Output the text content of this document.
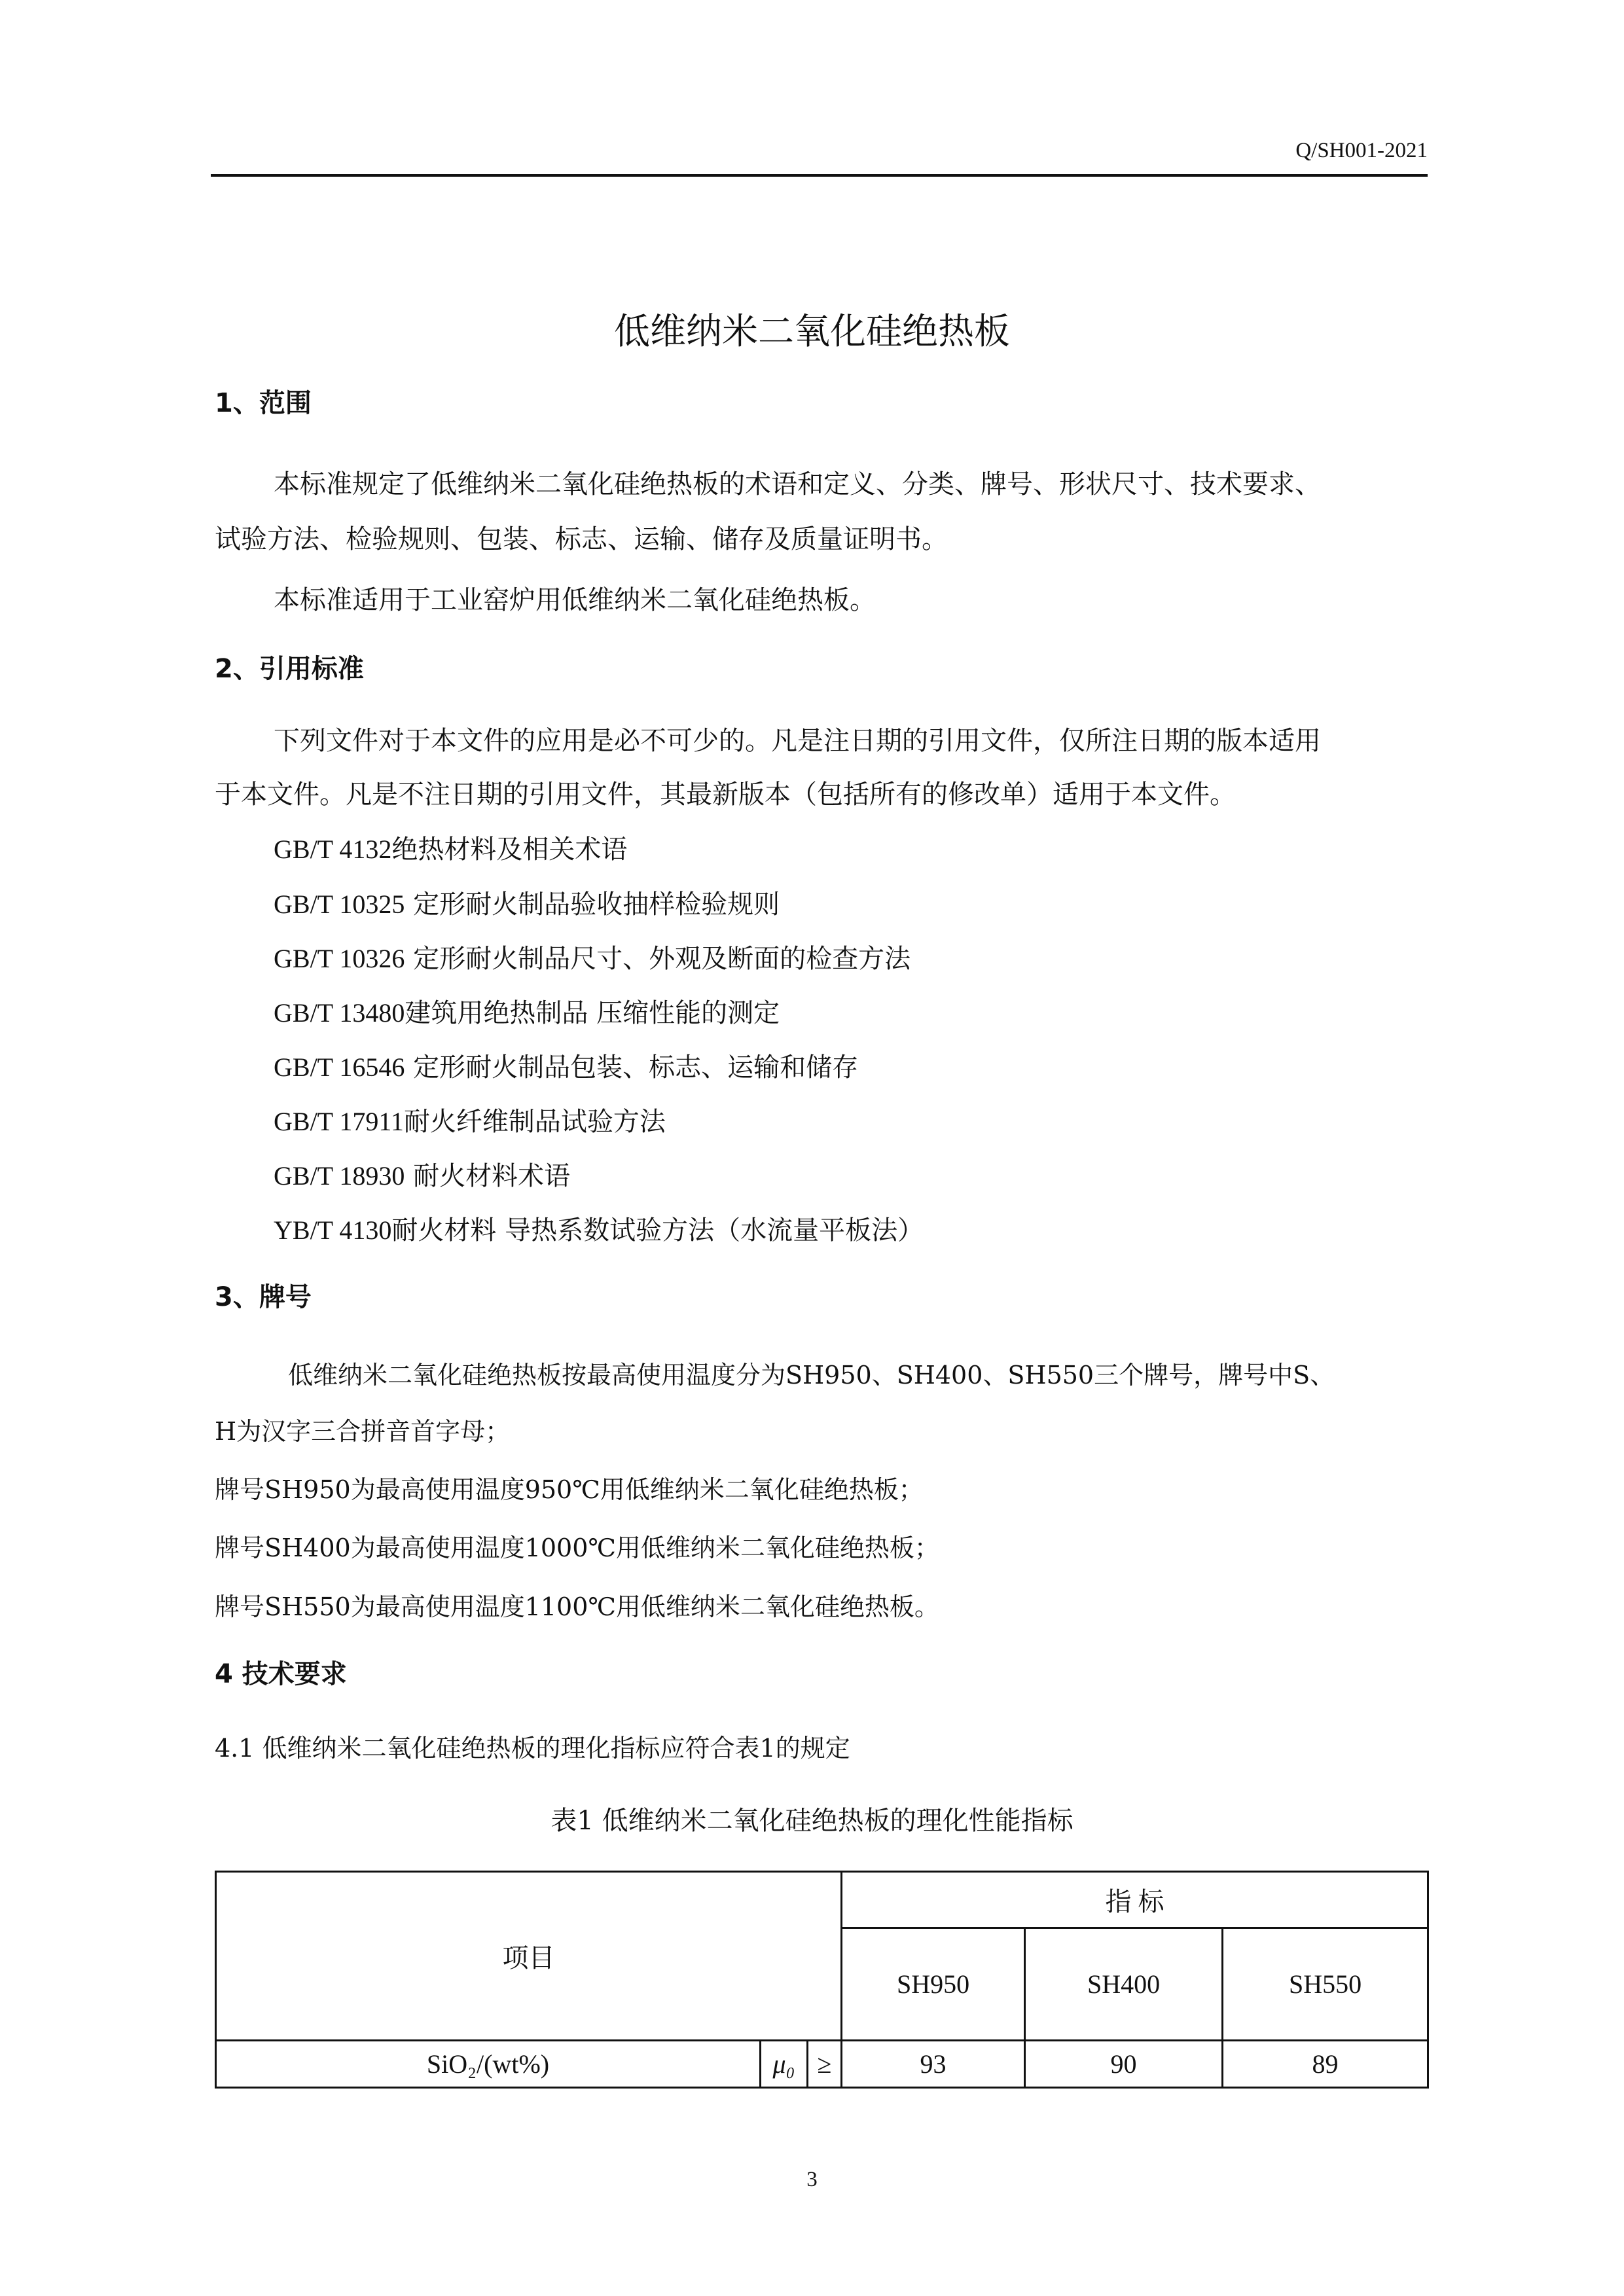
Q/SH001-2021
低维纳米二氧化硅绝热板
1、范围
本标准规定了低维纳米二氧化硅绝热板的术语和定义、分类、牌号、形状尺寸、技术要求、
试验方法、检验规则、包装、标志、运输、储存及质量证明书。
本标准适用于工业窑炉用低维纳米二氧化硅绝热板。
2、引用标准
下列文件对于本文件的应用是必不可少的。凡是注日期的引用文件，仅所注日期的版本适用
于本文件。凡是不注日期的引用文件，其最新版本（包括所有的修改单）适用于本文件。
GB/T 4132绝热材料及相关术语
GB/T 10325 定形耐火制品验收抽样检验规则
GB/T 10326 定形耐火制品尺寸、外观及断面的检查方法
GB/T 13480建筑用绝热制品 压缩性能的测定
GB/T 16546 定形耐火制品包装、标志、运输和储存
GB/T 17911耐火纤维制品试验方法
GB/T 18930 耐火材料术语
YB/T 4130耐火材料 导热系数试验方法（水流量平板法）
3、牌号
低维纳米二氧化硅绝热板按最高使用温度分为SH950、SH400、SH550三个牌号，牌号中S、
H为汉字三合拼音首字母；
牌号SH950为最高使用温度950℃用低维纳米二氧化硅绝热板；
牌号SH400为最高使用温度1000℃用低维纳米二氧化硅绝热板；
牌号SH550为最高使用温度1100℃用低维纳米二氧化硅绝热板。
4 技术要求
4.1 低维纳米二氧化硅绝热板的理化指标应符合表1的规定
表1 低维纳米二氧化硅绝热板的理化性能指标
项目			指 标		
			SH950	SH400	SH550
SiO₂/(wt%)	μ₀	≥	93	90	89
3
